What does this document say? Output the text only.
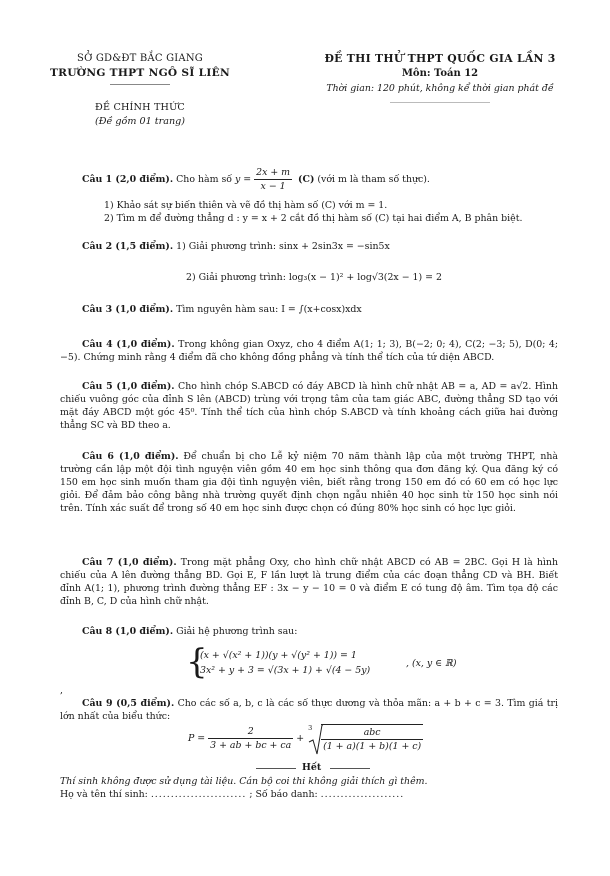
SỞ GD&ĐT BẮC GIANG
TRƯỜNG THPT NGÔ SĨ LIÊN
ĐỀ CHÍNH THỨC
(Đề gồm 01 trang)
ĐỀ THI THỬ THPT QUỐC GIA LẦN 3
Môn: Toán 12
Thời gian: 120 phút, không kể thời gian phát đề
Câu 1 (2,0 điểm). Cho hàm số $y = \frac{2x + m}{x - 1} (C)$ (với m là tham số thực).
1) Khảo sát sự biến thiên và vẽ đồ thị hàm số (C) với m = 1.
2) Tìm m để đường thẳng d : y = x + 2 cắt đồ thị hàm số (C) tại hai điểm A, B phân biệt.
Câu 2 (1,5 điểm). 1) Giải phương trình: sinx + 2sin3x = −sin5x
2) Giải phương trình: log₃(x − 1)² + log√3(2x − 1) = 2
Câu 3 (1,0 điểm). Tìm nguyên hàm sau: I = ∫(x+cosx)xdx
Câu 4 (1,0 điểm). Trong không gian Oxyz, cho 4 điểm A(1; 1; 3), B(−2; 0; 4), C(2; −3; 5), D(0; 4; −5). Chứng minh rằng 4 điểm đã cho không đồng phẳng và tính thể tích của tứ diện ABCD.
Câu 5 (1,0 điểm). Cho hình chóp S.ABCD có đáy ABCD là hình chữ nhật AB = a, AD = a√2. Hình chiếu vuông góc của đỉnh S lên (ABCD) trùng với trọng tâm của tam giác ABC, đường thẳng SD tạo với mặt đáy ABCD một góc 45⁰. Tính thể tích của hình chóp S.ABCD và tính khoảng cách giữa hai đường thẳng SC và BD theo a.
Câu 6 (1,0 điểm). Để chuẩn bị cho Lễ kỷ niệm 70 năm thành lập của một trường THPT, nhà trường cần lập một đội tình nguyện viên gồm 40 em học sinh thông qua đơn đăng ký. Qua đăng ký có 150 em học sinh muốn tham gia đội tình nguyện viên, biết rằng trong 150 em đó có 60 em có học lực giỏi. Để đảm bảo công bằng nhà trường quyết định chọn ngẫu nhiên 40 học sinh từ 150 học sinh nói trên. Tính xác suất để trong số 40 em học sinh được chọn có đúng 80% học sinh có học lực giỏi.
Câu 7 (1,0 điểm). Trong mặt phẳng Oxy, cho hình chữ nhật ABCD có AB = 2BC. Gọi H là hình chiếu của A lên đường thẳng BD. Gọi E, F lần lượt là trung điểm của các đoạn thẳng CD và BH. Biết đỉnh A(1; 1), phương trình đường thẳng EF : 3x − y − 10 = 0 và điểm E có tung độ âm. Tìm tọa độ các đỉnh B, C, D của hình chữ nhật.
Câu 8 (1,0 điểm). Giải hệ phương trình sau:
{
(x + √(x² + 1))(y + √(y² + 1)) = 1
3x² + y + 3 = √(3x + 1) + √(4 − 5y)
, (x, y ∈ ℝ)
,
Câu 9 (0,5 điểm). Cho các số a, b, c là các số thực dương và thỏa mãn: a + b + c = 3. Tìm giá trị lớn nhất của biểu thức:
$P = \frac{2}{3 + ab + bc + ca}$ +
$3 \frac{\text{abc}}{(1 + a)(1 + b)(1 + c)}$
Hết
Thí sinh không được sử dụng tài liệu. Cán bộ coi thi không giải thích gì thêm.
Họ và tên thí sinh: ........................ ; Số báo danh: .....................
